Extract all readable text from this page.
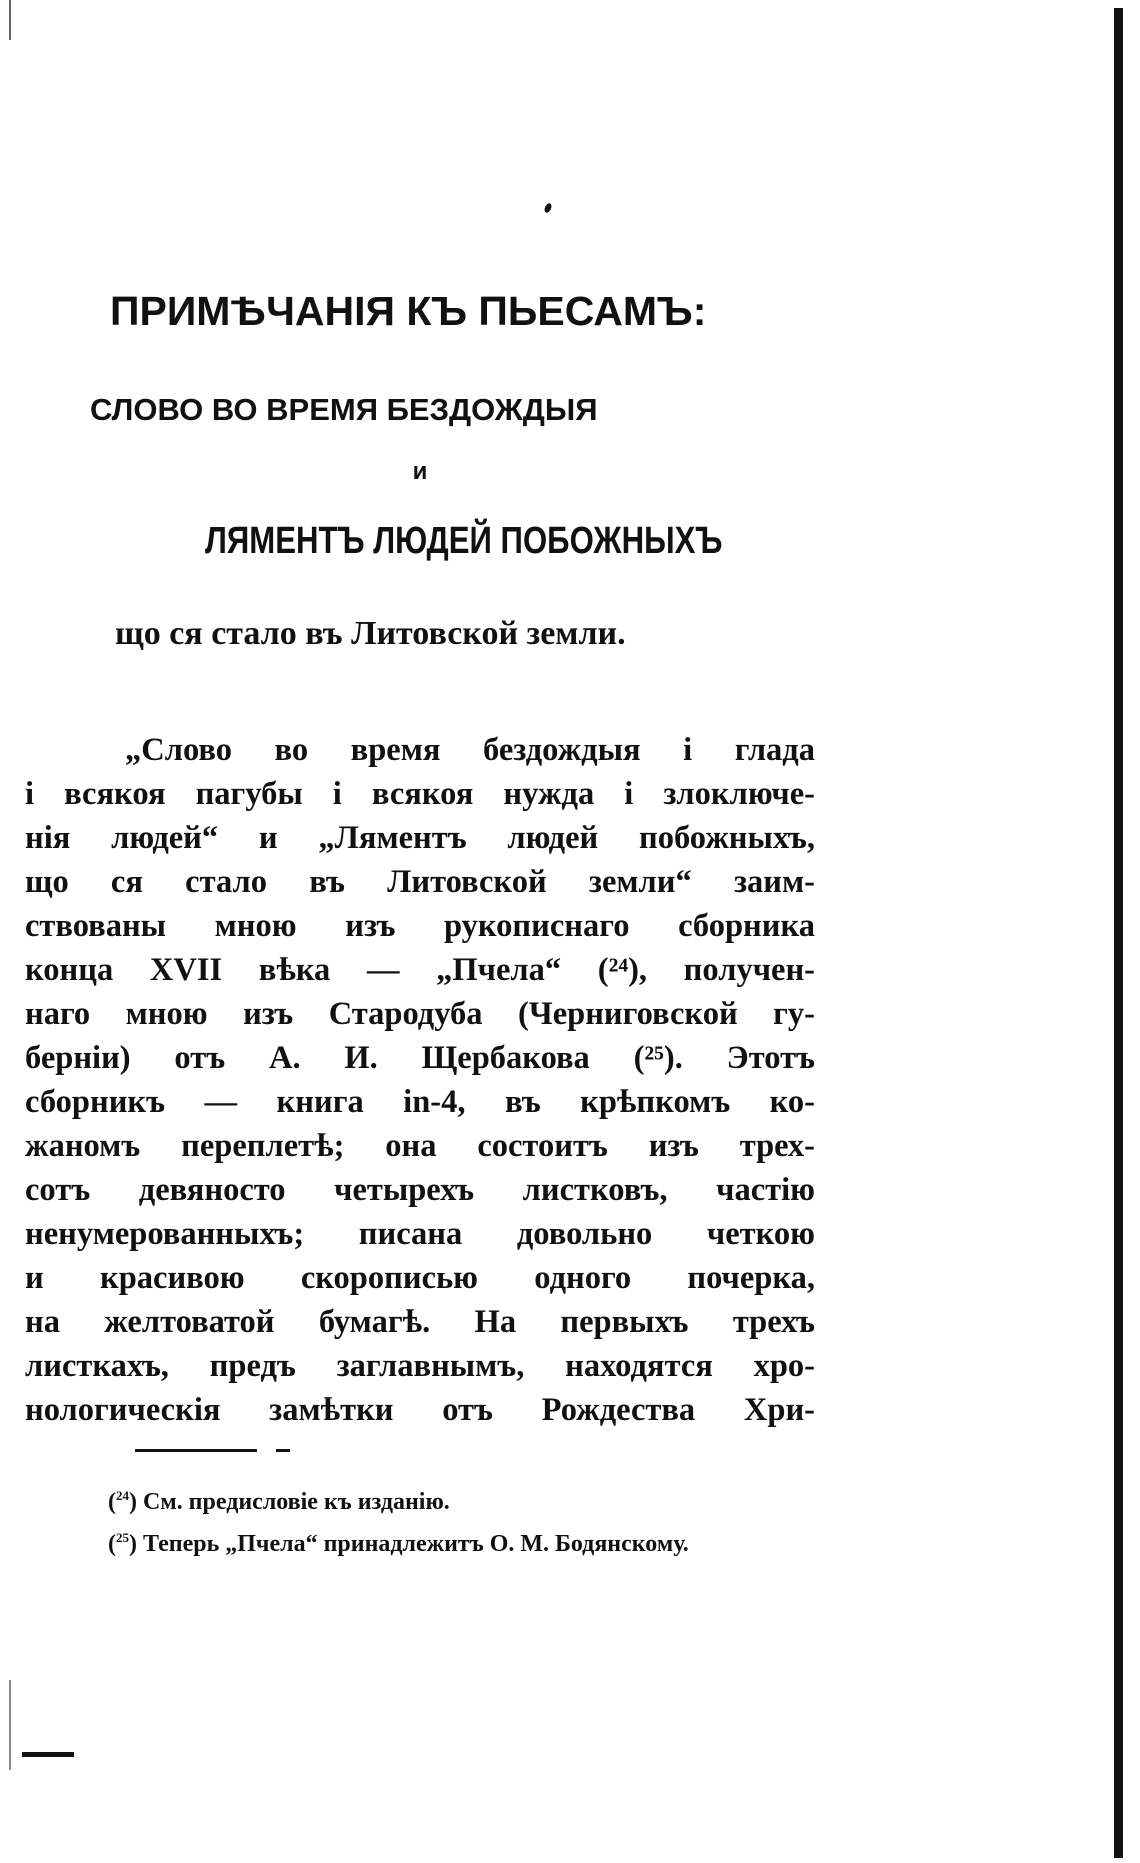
ПРИМѢЧАНІЯ КЪ ПЬЕСАМЪ:
СЛОВО ВО ВРЕМЯ БЕЗДОЖДЫЯ
и
ЛЯМЕНТЪ ЛЮДЕЙ ПОБОЖНЫХЪ
що ся стало въ Литовской земли.
„Слово во время бездождыя і глада
і всякоя пагубы і всякоя нужда і злоключе-
нія людей“ и „Ляментъ людей побожныхъ,
що ся стало въ Литовской земли“ заим-
ствованы мною изъ рукописнаго сборника
конца XVII вѣка — „Пчела“ (²⁴), получен-
наго мною изъ Стародуба (Черниговской гу-
берніи) отъ А. И. Щербакова (²⁵). Этотъ
сборникъ — книга in-4, въ крѣпкомъ ко-
жаномъ переплетѣ; она состоитъ изъ трех-
сотъ девяносто четырехъ листковъ, частію
ненумерованныхъ; писана довольно четкою
и красивою скорописью одного почерка,
на желтоватой бумагѣ. На первыхъ трехъ
листкахъ, предъ заглавнымъ, находятся хро-
нологическія замѣтки отъ Рождества Хри-
($^{24}$) См. предисловіе къ изданію.
($^{25}$) Теперь „Пчела“ принадлежитъ О. М. Бодянскому.
